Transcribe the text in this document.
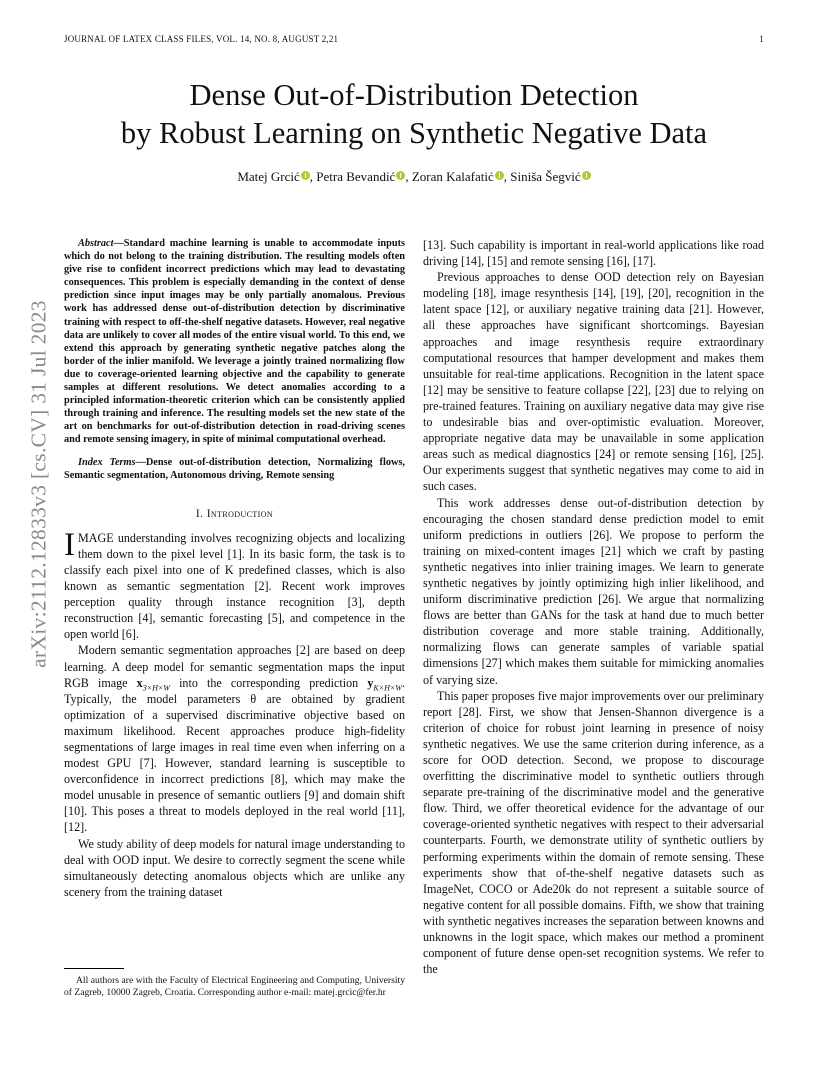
JOURNAL OF LATEX CLASS FILES, VOL. 14, NO. 8, AUGUST 2,21	1
arXiv:2112.12833v3 [cs.CV] 31 Jul 2023
Dense Out-of-Distribution Detection
by Robust Learning on Synthetic Negative Data
Matej Grcić , Petra Bevandić , Zoran Kalafatić , Siniša Šegvić

Abstract—Standard machine learning is unable to accommodate inputs which do not belong to the training distribution. The resulting models often give rise to confident incorrect predictions which may lead to devastating consequences. This problem is especially demanding in the context of dense prediction since input images may be only partially anomalous. Previous work has addressed dense out-of-distribution detection by discriminative training with respect to off-the-shelf negative datasets. However, real negative data are unlikely to cover all modes of the entire visual world. To this end, we extend this approach by generating synthetic negative patches along the border of the inlier manifold. We leverage a jointly trained normalizing flow due to coverage-oriented learning objective and the capability to generate samples at different resolutions. We detect anomalies according to a principled information-theoretic criterion which can be consistently applied through training and inference. The resulting models set the new state of the art on benchmarks for out-of-distribution detection in road-driving scenes and remote sensing imagery, in spite of minimal computational overhead.

Index Terms—Dense out-of-distribution detection, Normalizing flows, Semantic segmentation, Autonomous driving, Remote sensing

I. Introduction

IMAGE understanding involves recognizing objects and localizing them down to the pixel level [1]. In its basic form, the task is to classify each pixel into one of K predefined classes, which is also known as semantic segmentation [2]. Recent work improves perception quality through instance recognition [3], depth reconstruction [4], semantic forecasting [5], and competence in the open world [6].

Modern semantic segmentation approaches [2] are based on deep learning. A deep model for semantic segmentation maps the input RGB image $x_{3\times H\times W}$ into the corresponding prediction $y_{K\times H\times W}$. Typically, the model parameters θ are obtained by gradient optimization of a supervised discriminative objective based on maximum likelihood. Recent approaches produce high-fidelity segmentations of large images in real time even when inferring on a modest GPU [7]. However, standard learning is susceptible to overconfidence in incorrect predictions [8], which may make the model unusable in presence of semantic outliers [9] and domain shift [10]. This poses a threat to models deployed in the real world [11], [12].

We study ability of deep models for natural image understanding to deal with OOD input. We desire to correctly segment the scene while simultaneously detecting anomalous objects which are unlike any scenery from the training dataset

All authors are with the Faculty of Electrical Engineering and Computing, University of Zagreb, 10000 Zagreb, Croatia. Corresponding author e-mail: matej.grcic@fer.hr

[13]. Such capability is important in real-world applications like road driving [14], [15] and remote sensing [16], [17].

Previous approaches to dense OOD detection rely on Bayesian modeling [18], image resynthesis [14], [19], [20], recognition in the latent space [12], or auxiliary negative training data [21]. However, all these approaches have significant shortcomings. Bayesian approaches and image resynthesis require extraordinary computational resources that hamper development and makes them unsuitable for real-time applications. Recognition in the latent space [12] may be sensitive to feature collapse [22], [23] due to relying on pre-trained features. Training on auxiliary negative data may give rise to undesirable bias and over-optimistic evaluation. Moreover, appropriate negative data may be unavailable in some application areas such as medical diagnostics [24] or remote sensing [16], [25]. Our experiments suggest that synthetic negatives may come to aid in such cases.

This work addresses dense out-of-distribution detection by encouraging the chosen standard dense prediction model to emit uniform predictions in outliers [26]. We propose to perform the training on mixed-content images [21] which we craft by pasting synthetic negatives into inlier training images. We learn to generate synthetic negatives by jointly optimizing high inlier likelihood, and uniform discriminative prediction [26]. We argue that normalizing flows are better than GANs for the task at hand due to much better distribution coverage and more stable training. Additionally, normalizing flows can generate samples of variable spatial dimensions [27] which makes them suitable for mimicking anomalies of varying size.

This paper proposes five major improvements over our preliminary report [28]. First, we show that Jensen-Shannon divergence is a criterion of choice for robust joint learning in presence of noisy synthetic negatives. We use the same criterion during inference, as a score for OOD detection. Second, we propose to discourage overfitting the discriminative model to synthetic outliers through separate pre-training of the discriminative model and the generative flow. Third, we offer theoretical evidence for the advantage of our coverage-oriented synthetic negatives with respect to their adversarial counterparts. Fourth, we demonstrate utility of synthetic outliers by performing experiments within the domain of remote sensing. These experiments show that of-the-shelf negative datasets such as ImageNet, COCO or Ade20k do not represent a suitable source of negative content for all possible domains. Fifth, we show that training with synthetic negatives increases the separation between knowns and unknowns in the logit space, which makes our method a prominent component of future dense open-set recognition systems. We refer to the
